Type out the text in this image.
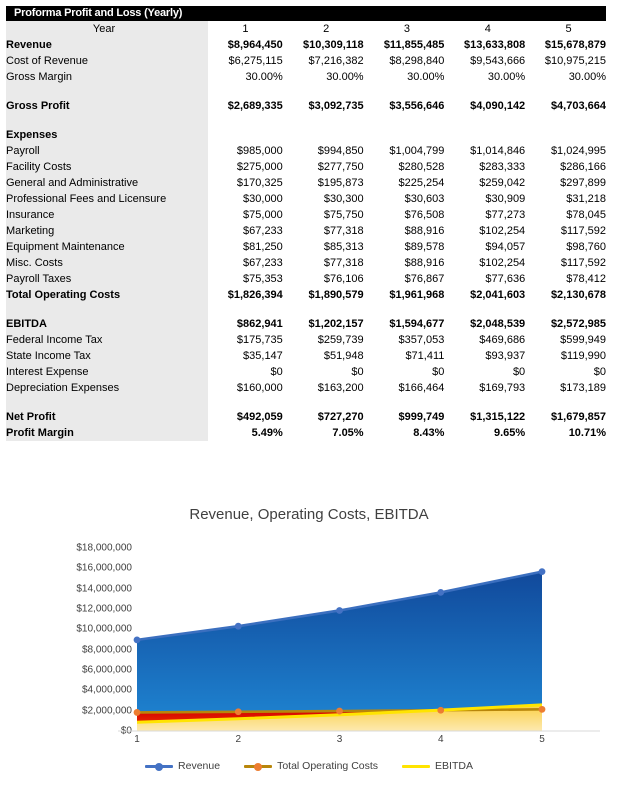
Proforma Profit and Loss (Yearly)
Year	1	2	3	4	5
Revenue	$8,964,450	$10,309,118	$11,855,485	$13,633,808	$15,678,879
Cost of Revenue	$6,275,115	$7,216,382	$8,298,840	$9,543,666	$10,975,215
Gross Margin	30.00%	30.00%	30.00%	30.00%	30.00%

Gross Profit	$2,689,335	$3,092,735	$3,556,646	$4,090,142	$4,703,664

Expenses					
Payroll	$985,000	$994,850	$1,004,799	$1,014,846	$1,024,995
Facility Costs	$275,000	$277,750	$280,528	$283,333	$286,166
General and Administrative	$170,325	$195,873	$225,254	$259,042	$297,899
Professional Fees and Licensure	$30,000	$30,300	$30,603	$30,909	$31,218
Insurance	$75,000	$75,750	$76,508	$77,273	$78,045
Marketing	$67,233	$77,318	$88,916	$102,254	$117,592
Equipment Maintenance	$81,250	$85,313	$89,578	$94,057	$98,760
Misc. Costs	$67,233	$77,318	$88,916	$102,254	$117,592
Payroll Taxes	$75,353	$76,106	$76,867	$77,636	$78,412
Total Operating Costs	$1,826,394	$1,890,579	$1,961,968	$2,041,603	$2,130,678

EBITDA	$862,941	$1,202,157	$1,594,677	$2,048,539	$2,572,985
Federal Income Tax	$175,735	$259,739	$357,053	$469,686	$599,949
State Income Tax	$35,147	$51,948	$71,411	$93,937	$119,990
Interest Expense	$0	$0	$0	$0	$0
Depreciation Expenses	$160,000	$163,200	$166,464	$169,793	$173,189

Net Profit	$492,059	$727,270	$999,749	$1,315,122	$1,679,857
Profit Margin	5.49%	7.05%	8.43%	9.65%	10.71%
Revenue, Operating Costs, EBITDA
$0
$2,000,000
$4,000,000
$6,000,000
$8,000,000
$10,000,000
$12,000,000
$14,000,000
$16,000,000
$18,000,000
1	2	3	4	5
Revenue	Total Operating Costs	EBITDA
